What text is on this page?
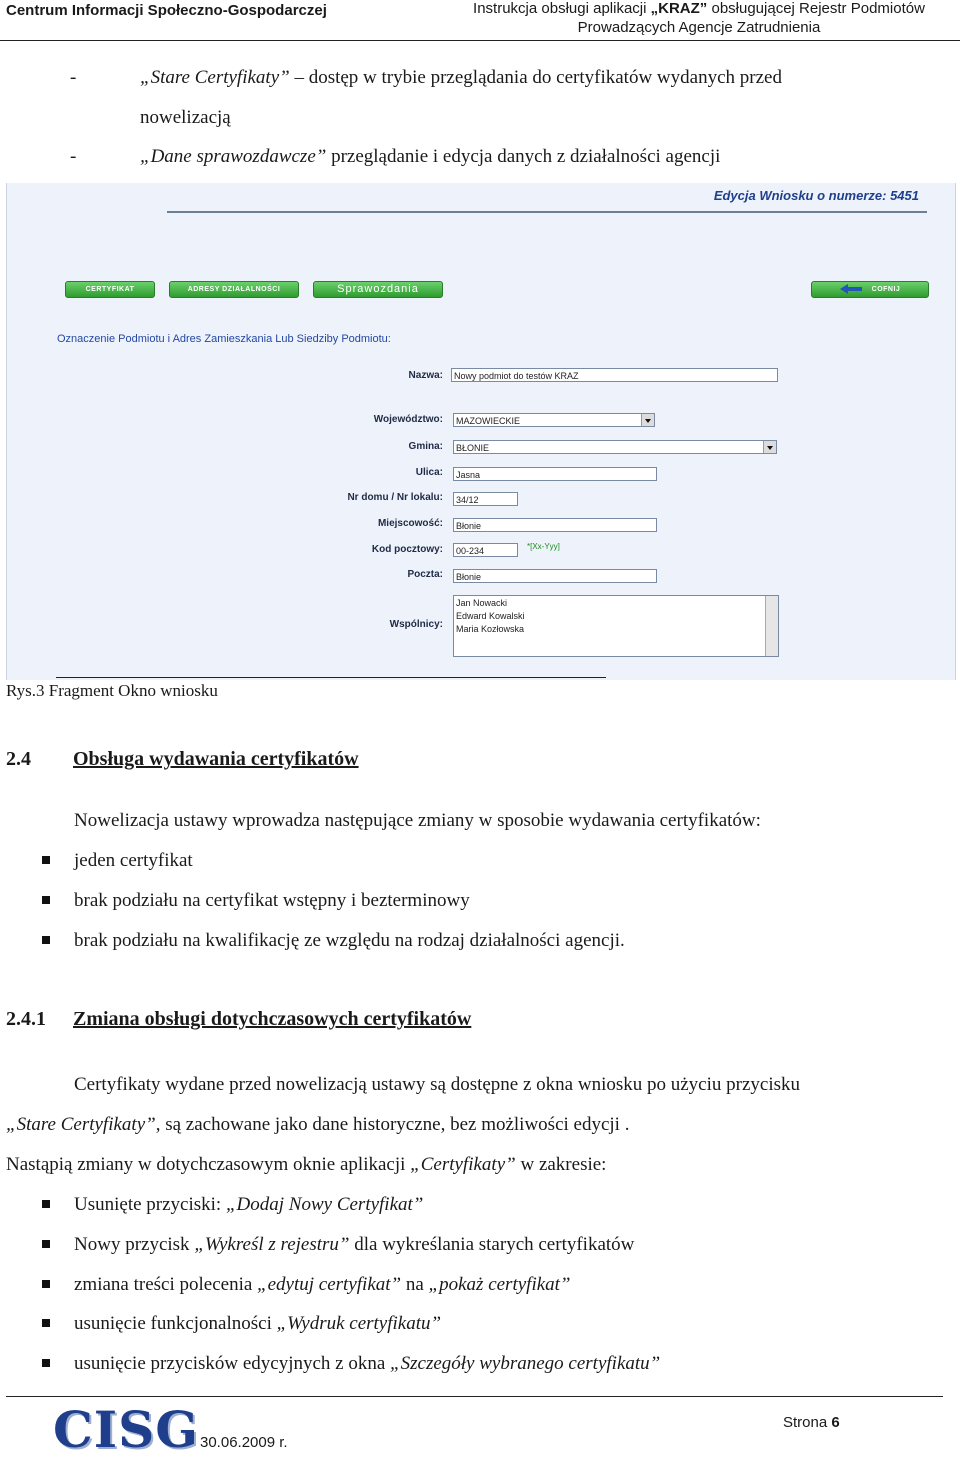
Centrum Informacji Społeczno-Gospodarczej	Instrukcja obsługi aplikacji „KRAZ” obsługującej Rejestr Podmiotów
Prowadzących Agencje Zatrudnienia
-	„Stare Certyfikaty” – dostęp w trybie przeglądania do certyfikatów wydanych przed
nowelizacją
-	„Dane sprawozdawcze” przeglądanie i edycja danych z działalności agencji
Edycja Wniosku o numerze: 5451
CERTYFIKAT	ADRESY DZIAŁALNOŚCI	Sprawozdania	COFNIJ
Oznaczenie Podmiotu i Adres Zamieszkania Lub Siedziby Podmiotu:
Nazwa:	Nowy podmiot do testów KRAZ
Województwo:	MAZOWIECKIE
Gmina:	BŁONIE
Ulica:	Jasna
Nr domu / Nr lokalu:	34/12
Miejscowość:	Błonie
Kod pocztowy:	00-234	*[Xx-Yyy]
Poczta:	Błonie
Wspólnicy:
Jan Nowacki
Edward Kowalski
Maria Kozłowska
Rys.3 Fragment Okno wniosku
2.4 Obsługa wydawania certyfikatów
Nowelizacja ustawy wprowadza następujące zmiany w sposobie wydawania certyfikatów:
jeden certyfikat
brak podziału na certyfikat wstępny i bezterminowy
brak podziału na kwalifikację ze względu na rodzaj działalności agencji.
2.4.1 Zmiana obsługi dotychczasowych certyfikatów
Certyfikaty wydane przed nowelizacją ustawy są dostępne z okna wniosku po użyciu przycisku
„Stare Certyfikaty”, są zachowane jako dane historyczne, bez możliwości edycji .
Nastąpią zmiany w dotychczasowym oknie aplikacji „Certyfikaty” w zakresie:
Usunięte przyciski: „Dodaj Nowy Certyfikat”
Nowy przycisk „Wykreśl z rejestru” dla wykreślania starych certyfikatów
zmiana treści polecenia „edytuj certyfikat” na „pokaż certyfikat”
usunięcie funkcjonalności „Wydruk certyfikatu”
usunięcie przycisków edycyjnych z okna „Szczegóły wybranego certyfikatu”
CISG 30.06.2009 r.
Strona 6
